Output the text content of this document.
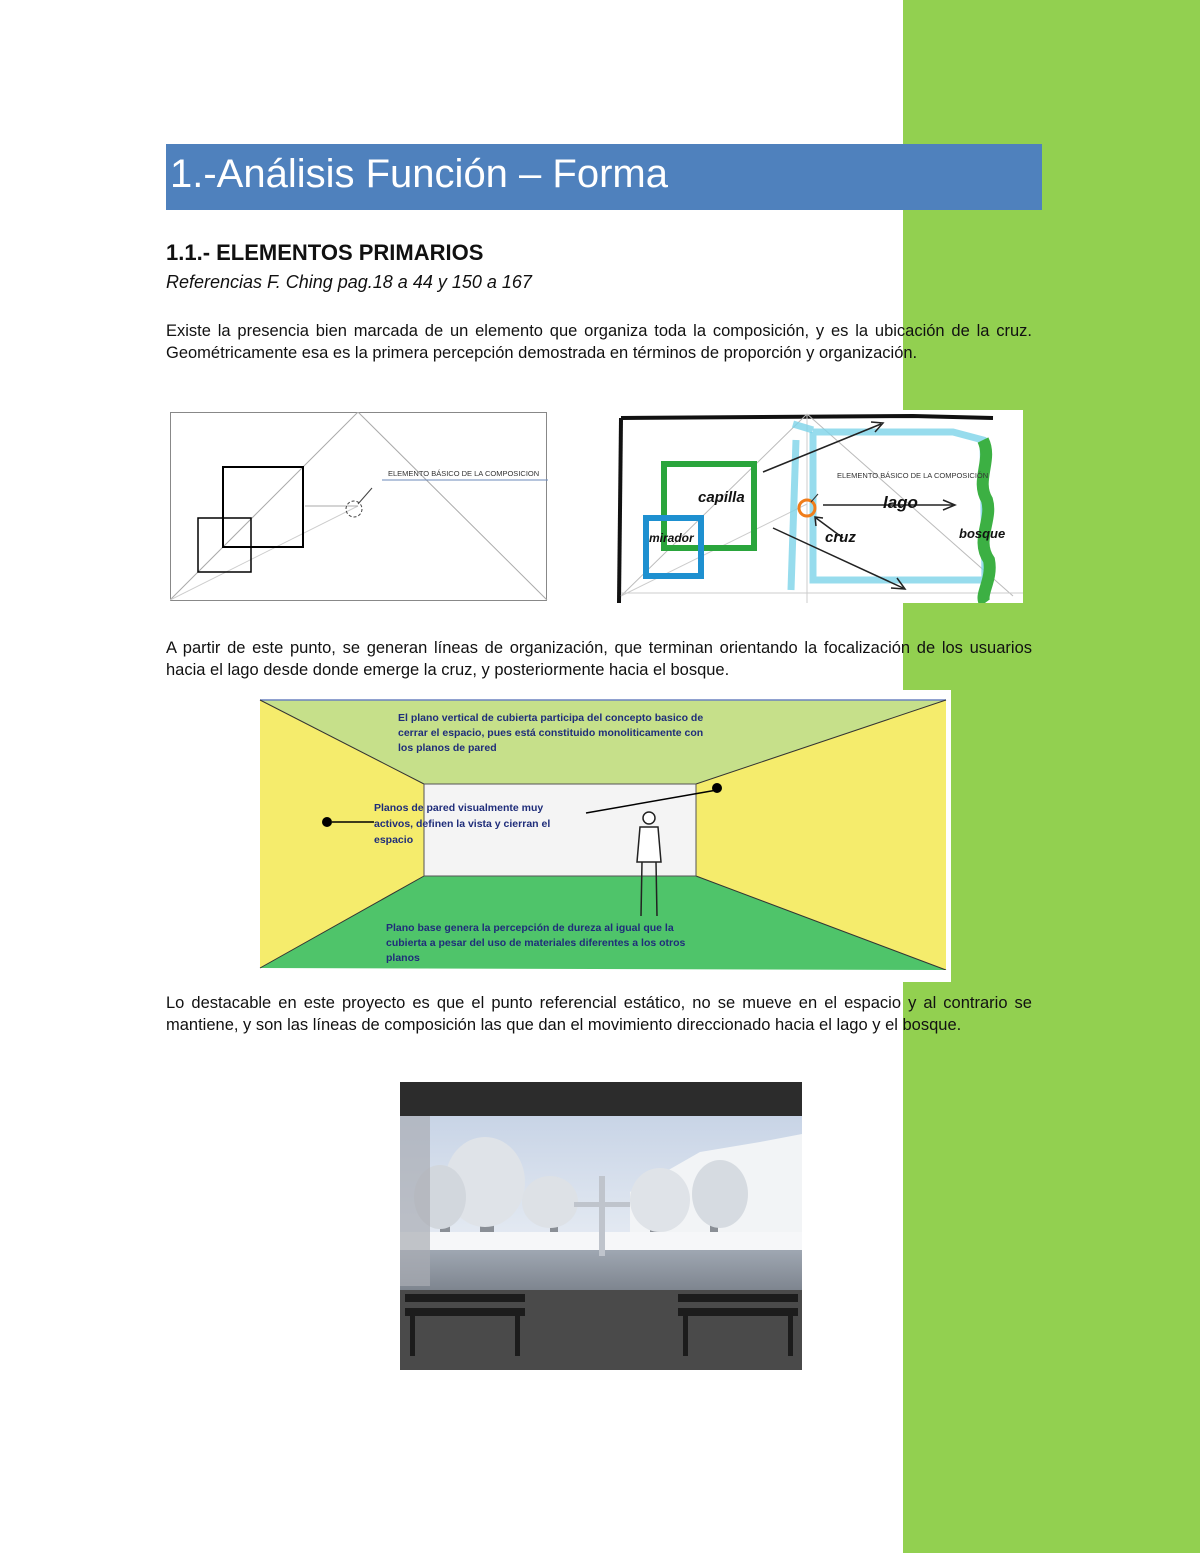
1.-Análisis Función – Forma
1.1.- ELEMENTOS PRIMARIOS
Referencias F. Ching pag.18 a 44 y 150 a 167
Existe la presencia bien marcada de un elemento que organiza toda la composición, y es la ubicación de la cruz. Geométricamente esa es la primera percepción demostrada en términos de proporción y organización.
ELEMENTO BÁSICO DE LA COMPOSICION	ELEMENTO BÁSICO DE LA COMPOSICIÓN
capilla
mirador
lago
cruz	bosque
A partir de este punto, se generan líneas de organización, que terminan orientando la focalización de los usuarios hacia el lago desde donde emerge la cruz, y posteriormente hacia el bosque.
El plano vertical de cubierta participa del concepto basico de
cerrar el espacio, pues está constituido monoliticamente con
los planos de pared
Planos de pared visualmente muy
activos, definen la vista y cierran el
espacio
Plano base genera la percepción de dureza al igual que la
cubierta a pesar del uso de materiales diferentes a los otros
planos
Lo destacable en este proyecto es que el punto referencial estático, no se mueve en el espacio y al contrario se mantiene, y son las líneas de composición las que dan el movimiento direccionado hacia el lago y el bosque.
